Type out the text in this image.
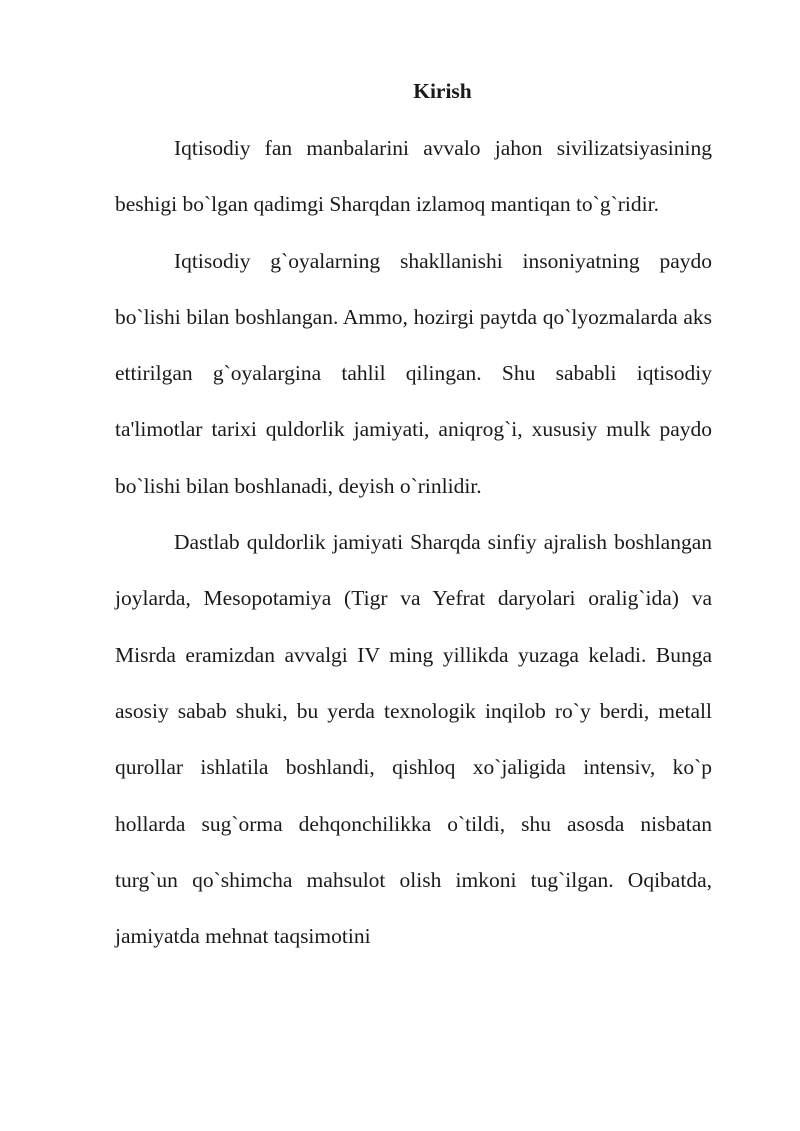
Kirish

Iqtisodiy fan manbalarini avvalo jahon sivilizatsiyasining beshigi bo`lgan qadimgi Sharqdan izlamoq mantiqan to`g`ridir.

Iqtisodiy g`oyalarning shakllanishi insoniyatning paydo bo`lishi bilan boshlangan. Ammo, hozirgi paytda qo`lyozmalarda aks ettirilgan g`oyalargina tahlil qilingan. Shu sababli iqtisodiy ta'limotlar tarixi quldorlik jamiyati, aniqrog`i, xususiy mulk paydo bo`lishi bilan boshlanadi, deyish o`rinlidir.

Dastlab quldorlik jamiyati Sharqda sinfiy ajralish boshlangan joylarda, Mesopotamiya (Tigr va Yefrat daryolari oralig`ida) va Misrda eramizdan avvalgi IV ming yillikda yuzaga keladi. Bunga asosiy sabab shuki, bu yerda texnologik inqilob ro`y berdi, metall qurollar ishlatila boshlandi, qishloq xo`jaligida intensiv, ko`p hollarda sug`orma dehqonchilikka o`tildi, shu asosda nisbatan turg`un qo`shimcha mahsulot olish imkoni tug`ilgan. Oqibatda, jamiyatda mehnat taqsimotini
